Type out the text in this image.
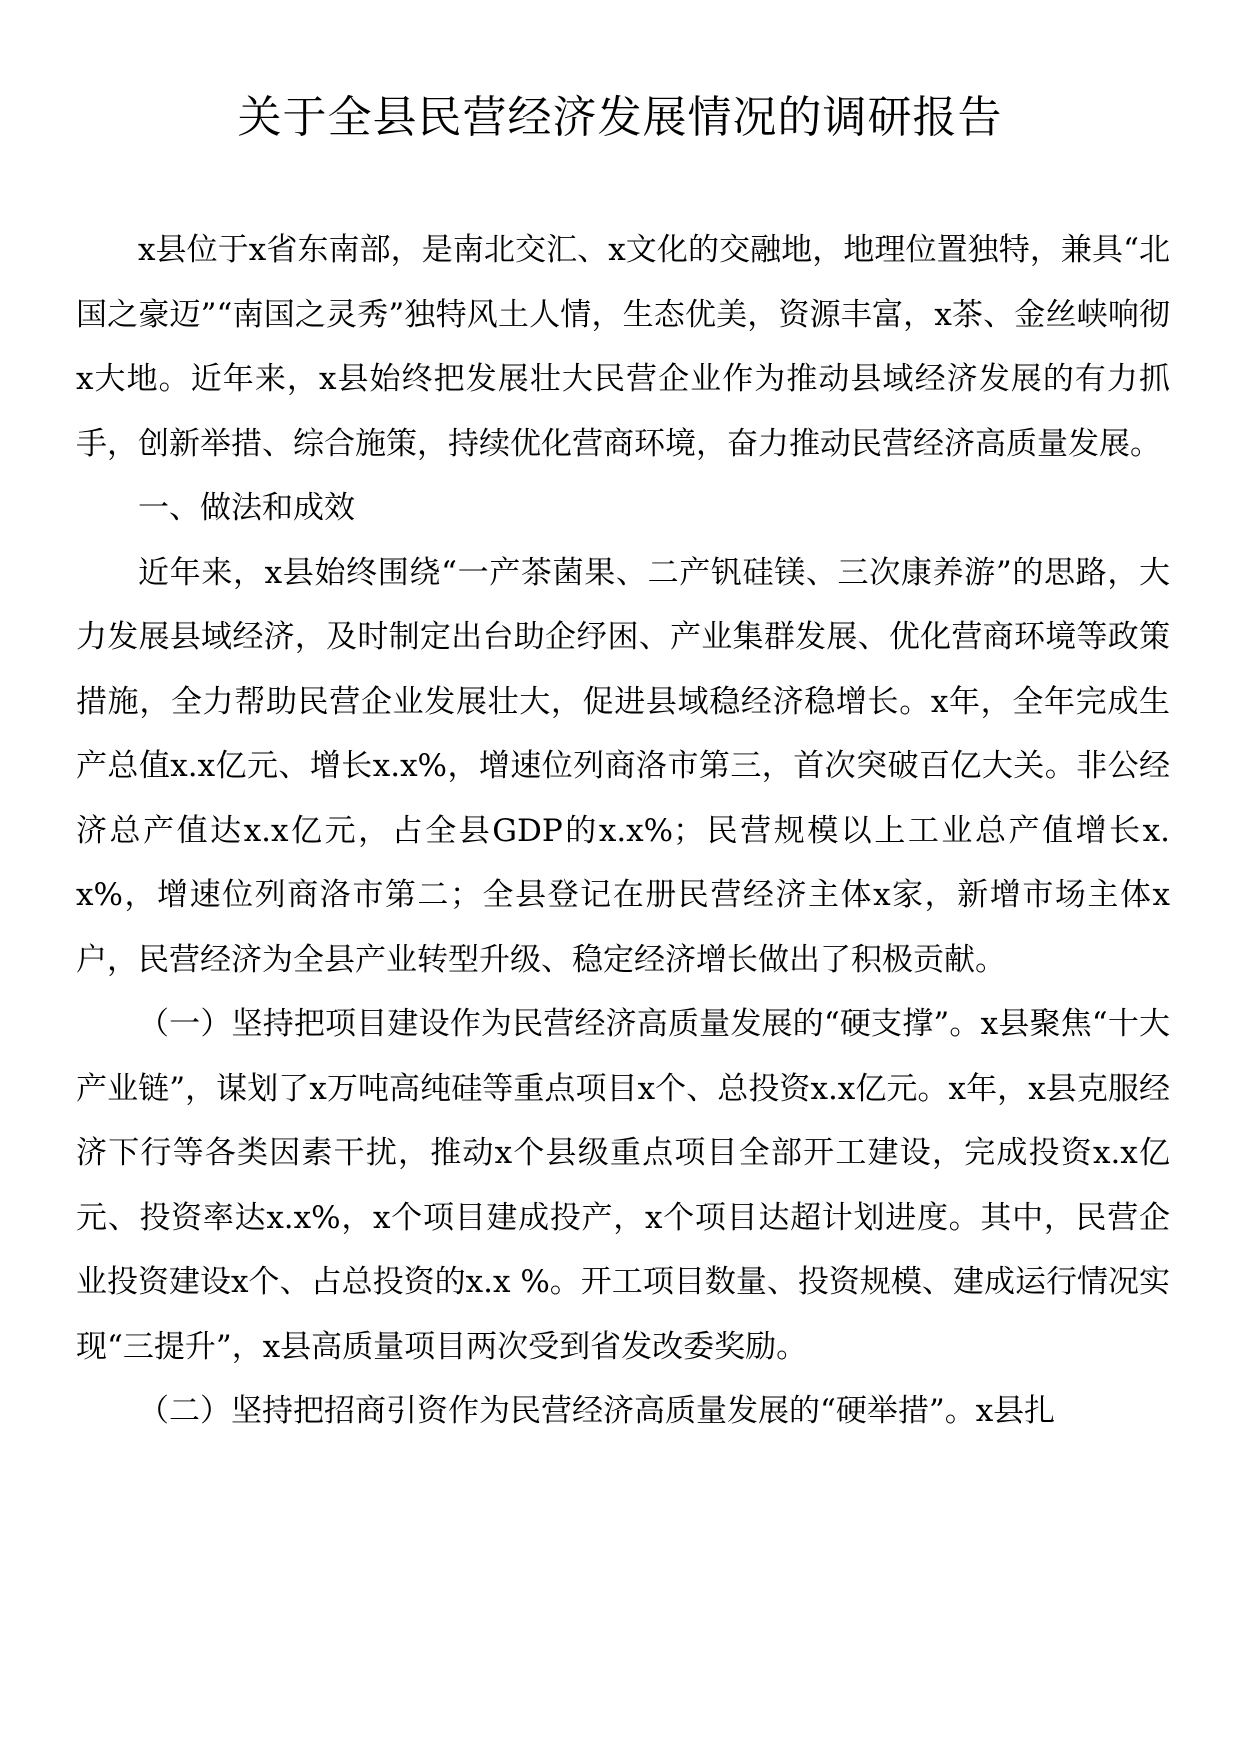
关于全县民营经济发展情况的调研报告

x县位于x省东南部，是南北交汇、x文化的交融地，地理位置独特，兼具“北国之豪迈”“南国之灵秀”独特风土人情，生态优美，资源丰富，x茶、金丝峡响彻x大地。近年来，x县始终把发展壮大民营企业作为推动县域经济发展的有力抓手，创新举措、综合施策，持续优化营商环境，奋力推动民营经济高质量发展。

一、做法和成效

近年来，x县始终围绕“一产茶菌果、二产钒硅镁、三次康养游”的思路，大力发展县域经济，及时制定出台助企纾困、产业集群发展、优化营商环境等政策措施，全力帮助民营企业发展壮大，促进县域稳经济稳增长。x年，全年完成生产总值x.x亿元、增长x.x%，增速位列商洛市第三，首次突破百亿大关。非公经济总产值达x.x亿元，占全县GDP的x.x%；民营规模以上工业总产值增长x.x%，增速位列商洛市第二；全县登记在册民营经济主体x家，新增市场主体x户，民营经济为全县产业转型升级、稳定经济增长做出了积极贡献。

（一）坚持把项目建设作为民营经济高质量发展的“硬支撑”。x县聚焦“十大产业链”，谋划了x万吨高纯硅等重点项目x个、总投资x.x亿元。x年，x县克服经济下行等各类因素干扰，推动x个县级重点项目全部开工建设，完成投资x.x亿元、投资率达x.x%，x个项目建成投产，x个项目达超计划进度。其中，民营企业投资建设x个、占总投资的x.x %。开工项目数量、投资规模、建成运行情况实现“三提升”，x县高质量项目两次受到省发改委奖励。

（二）坚持把招商引资作为民营经济高质量发展的“硬举措”。x县扎
